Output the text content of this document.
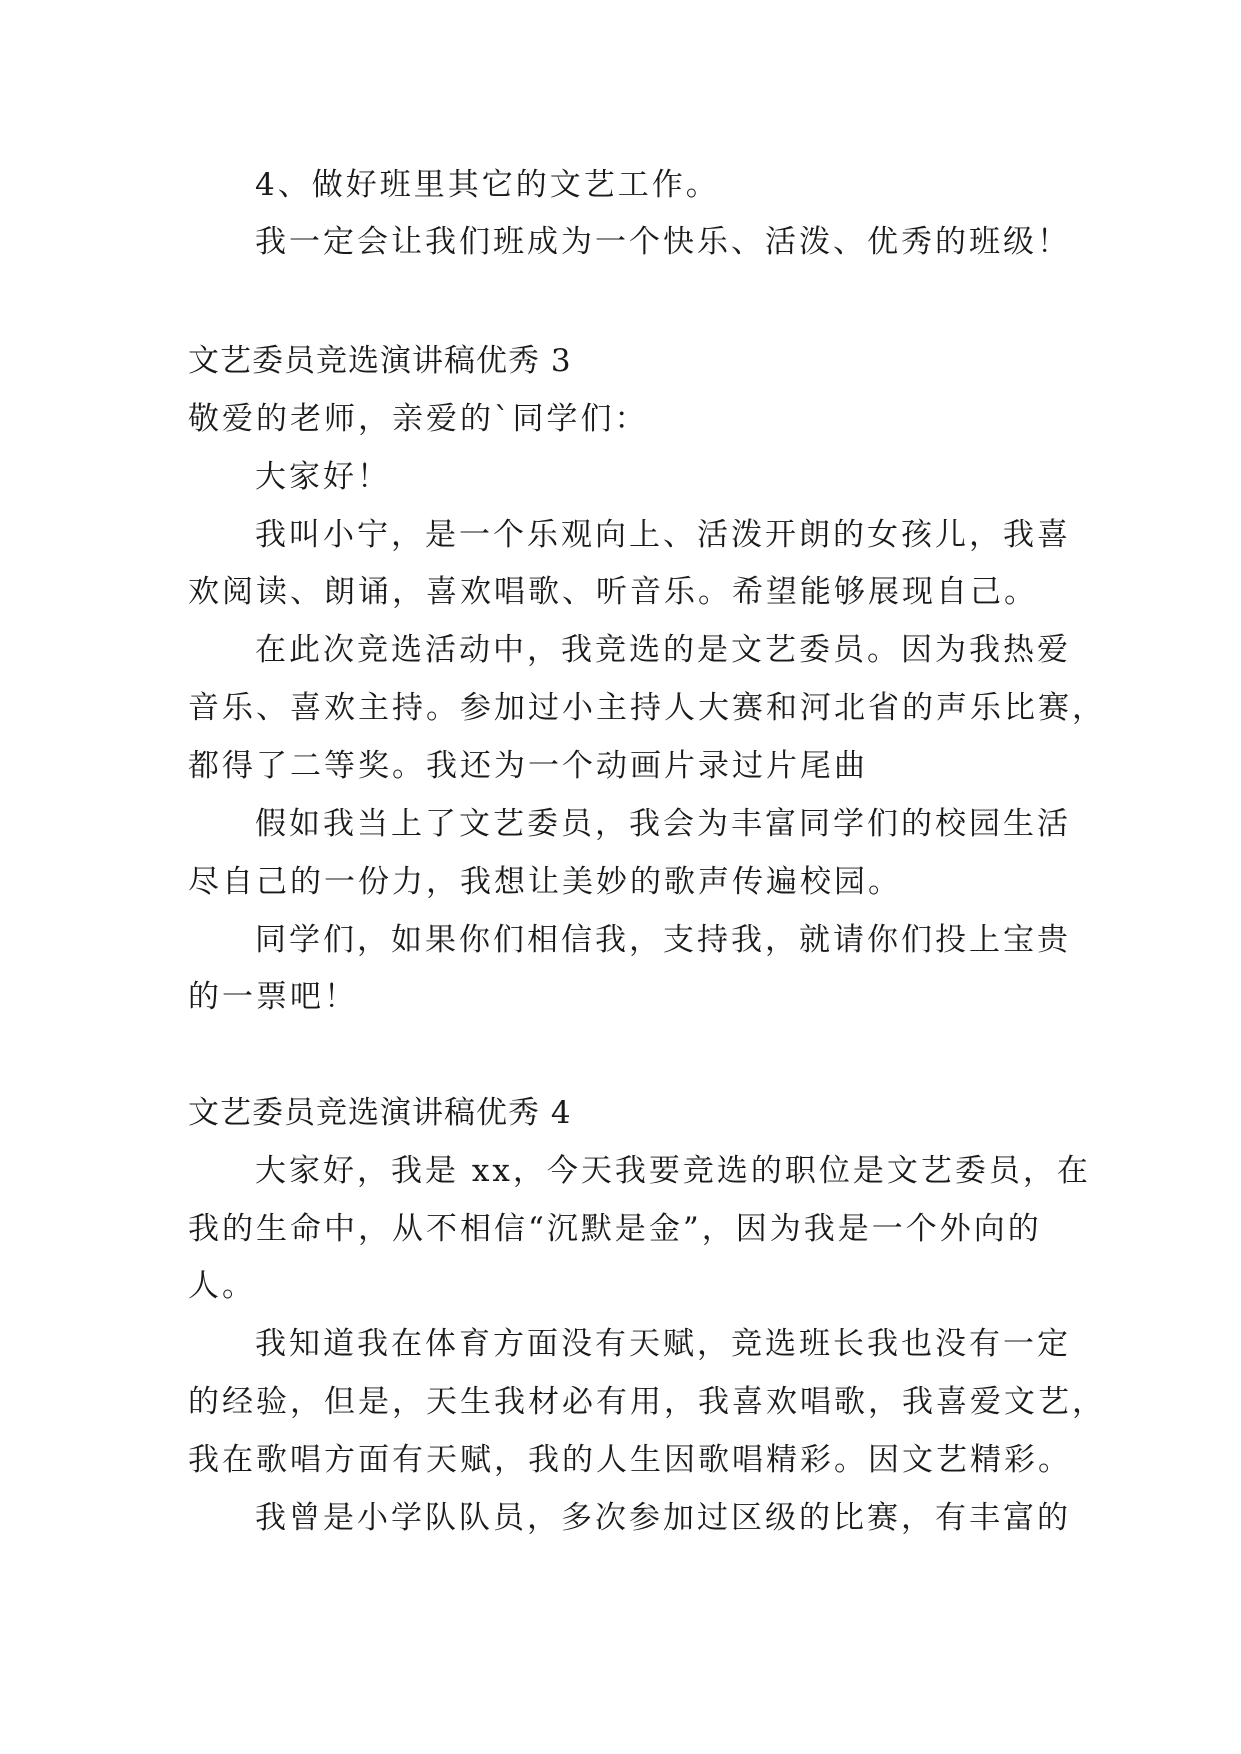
4、做好班里其它的文艺工作。
我一定会让我们班成为一个快乐、活泼、优秀的班级！
文艺委员竞选演讲稿优秀 3
敬爱的老师，亲爱的`同学们：
大家好！
我叫小宁，是一个乐观向上、活泼开朗的女孩儿，我喜
欢阅读、朗诵，喜欢唱歌、听音乐。希望能够展现自己。
在此次竞选活动中，我竞选的是文艺委员。因为我热爱
音乐、喜欢主持。参加过小主持人大赛和河北省的声乐比赛，
都得了二等奖。我还为一个动画片录过片尾曲
假如我当上了文艺委员，我会为丰富同学们的校园生活
尽自己的一份力，我想让美妙的歌声传遍校园。
同学们，如果你们相信我，支持我，就请你们投上宝贵
的一票吧！
文艺委员竞选演讲稿优秀 4
大家好，我是 xx，今天我要竞选的职位是文艺委员，在
我的生命中，从不相信“沉默是金”，因为我是一个外向的
人。
我知道我在体育方面没有天赋，竞选班长我也没有一定
的经验，但是，天生我材必有用，我喜欢唱歌，我喜爱文艺，
我在歌唱方面有天赋，我的人生因歌唱精彩。因文艺精彩。
我曾是小学队队员，多次参加过区级的比赛，有丰富的
